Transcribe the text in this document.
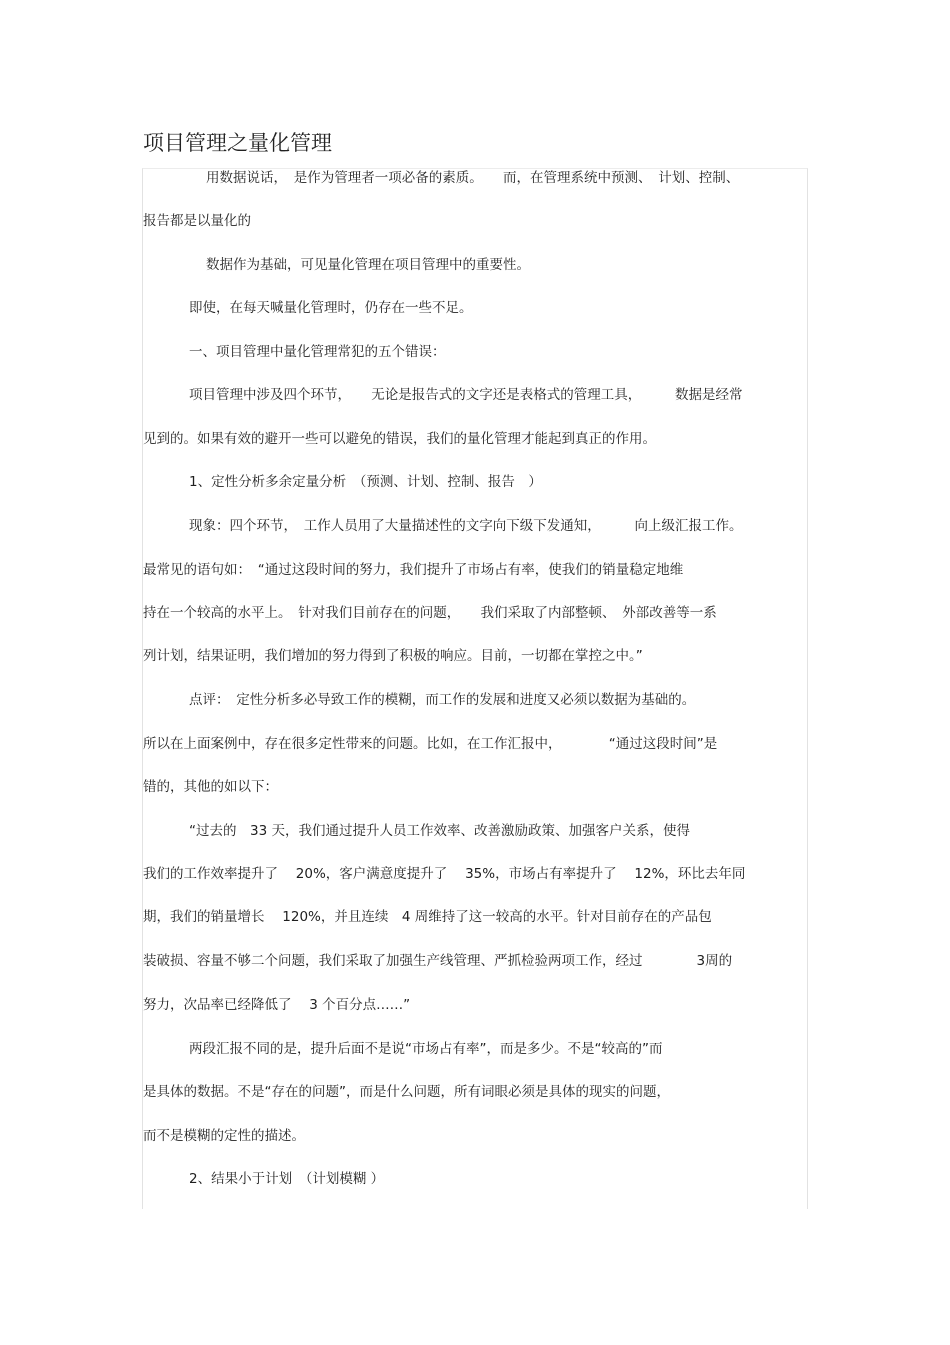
项目管理之量化管理
用数据说话，　是作为管理者一项必备的素质。　　而，在管理系统中预测、　计划、控制、
报告都是以量化的
数据作为基础，可见量化管理在项目管理中的重要性。
即使，在每天喊量化管理时，仍存在一些不足。
一、项目管理中量化管理常犯的五个错误：
项目管理中涉及四个环节，　　无论是报告式的文字还是表格式的管理工具，　　　数据是经常
见到的。如果有效的避开一些可以避免的错误，我们的量化管理才能起到真正的作用。
1、定性分析多余定量分析　（预测、计划、控制、报告　）
现象：四个环节，　工作人员用了大量描述性的文字向下级下发通知，　　　向上级汇报工作。
最常见的语句如：　“通过这段时间的努力，我们提升了市场占有率，使我们的销量稳定地维
持在一个较高的水平上。　针对我们目前存在的问题，　　我们采取了内部整顿、　外部改善等一系
列计划，结果证明，我们增加的努力得到了积极的响应。目前，一切都在掌控之中。”
点评：　定性分析多必导致工作的模糊，而工作的发展和进度又必须以数据为基础的。
所以在上面案例中，存在很多定性带来的问题。比如，在工作汇报中，　　　　“通过这段时间”是
错的，其他的如以下：
“过去的　33 天，我们通过提升人员工作效率、改善激励政策、加强客户关系，使得
我们的工作效率提升了　 20%，客户满意度提升了　 35%，市场占有率提升了　 12%，环比去年同
期，我们的销量增长　 120%，并且连续　4 周维持了这一较高的水平。针对目前存在的产品包
装破损、容量不够二个问题，我们采取了加强生产线管理、严抓检验两项工作，经过　　　　3周的
努力，次品率已经降低了　 3 个百分点……”
两段汇报不同的是，提升后面不是说“市场占有率”，而是多少。不是“较高的”而
是具体的数据。不是“存在的问题”，而是什么问题，所有词眼必须是具体的现实的问题，
而不是模糊的定性的描述。
2、结果小于计划　（计划模糊 ）
